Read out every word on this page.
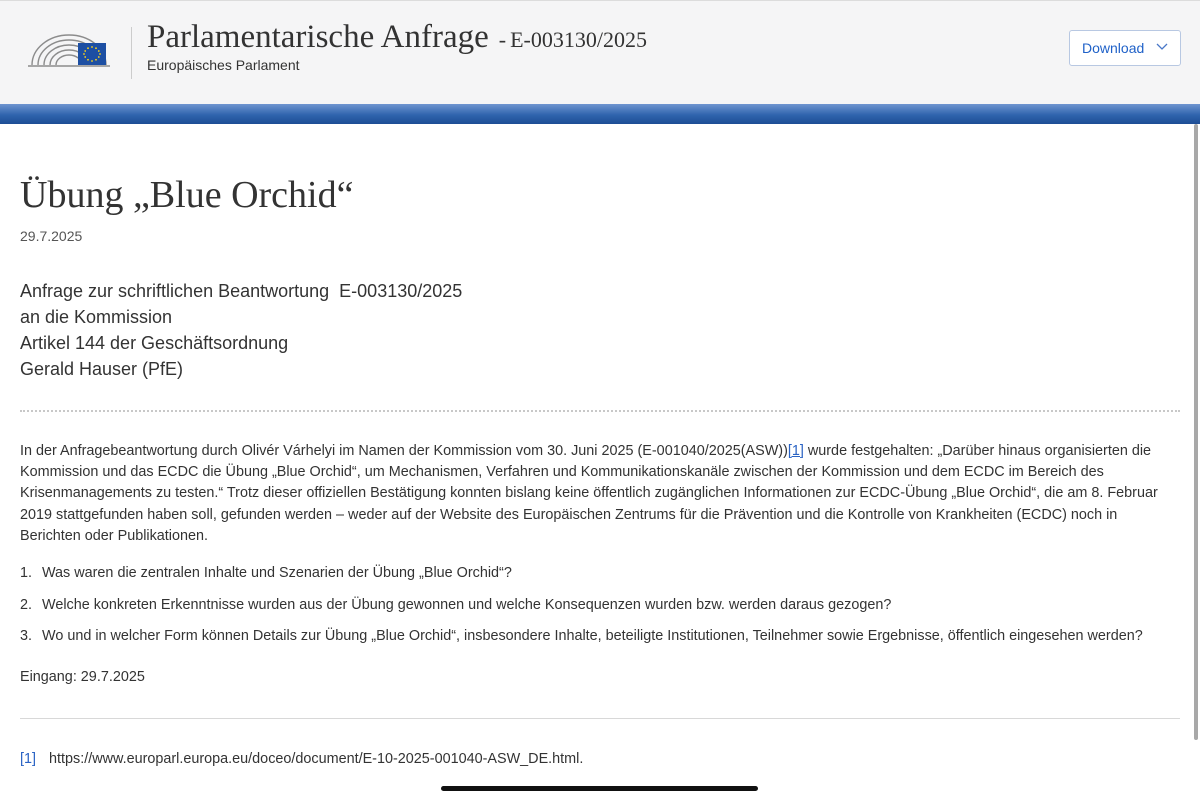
Parlamentarische Anfrage - E-003130/2025
Europäisches Parlament
Download
Übung „Blue Orchid“
29.7.2025
Anfrage zur schriftlichen Beantwortung  E-003130/2025
an die Kommission
Artikel 144 der Geschäftsordnung
Gerald Hauser (PfE)
In der Anfragebeantwortung durch Olivér Várhelyi im Namen der Kommission vom 30. Juni 2025 (E-001040/2025(ASW))[1] wurde festgehalten: „Darüber hinaus organisierten die Kommission und das ECDC die Übung „Blue Orchid“, um Mechanismen, Verfahren und Kommunikationskanäle zwischen der Kommission und dem ECDC im Bereich des Krisenmanagements zu testen.“ Trotz dieser offiziellen Bestätigung konnten bislang keine öffentlich zugänglichen Informationen zur ECDC-Übung „Blue Orchid“, die am 8. Februar 2019 stattgefunden haben soll, gefunden werden – weder auf der Website des Europäischen Zentrums für die Prävention und die Kontrolle von Krankheiten (ECDC) noch in Berichten oder Publikationen.
1. Was waren die zentralen Inhalte und Szenarien der Übung „Blue Orchid“?
2. Welche konkreten Erkenntnisse wurden aus der Übung gewonnen und welche Konsequenzen wurden bzw. werden daraus gezogen?
3. Wo und in welcher Form können Details zur Übung „Blue Orchid“, insbesondere Inhalte, beteiligte Institutionen, Teilnehmer sowie Ergebnisse, öffentlich eingesehen werden?
Eingang: 29.7.2025
[1] https://www.europarl.europa.eu/doceo/document/E-10-2025-001040-ASW_DE.html.
